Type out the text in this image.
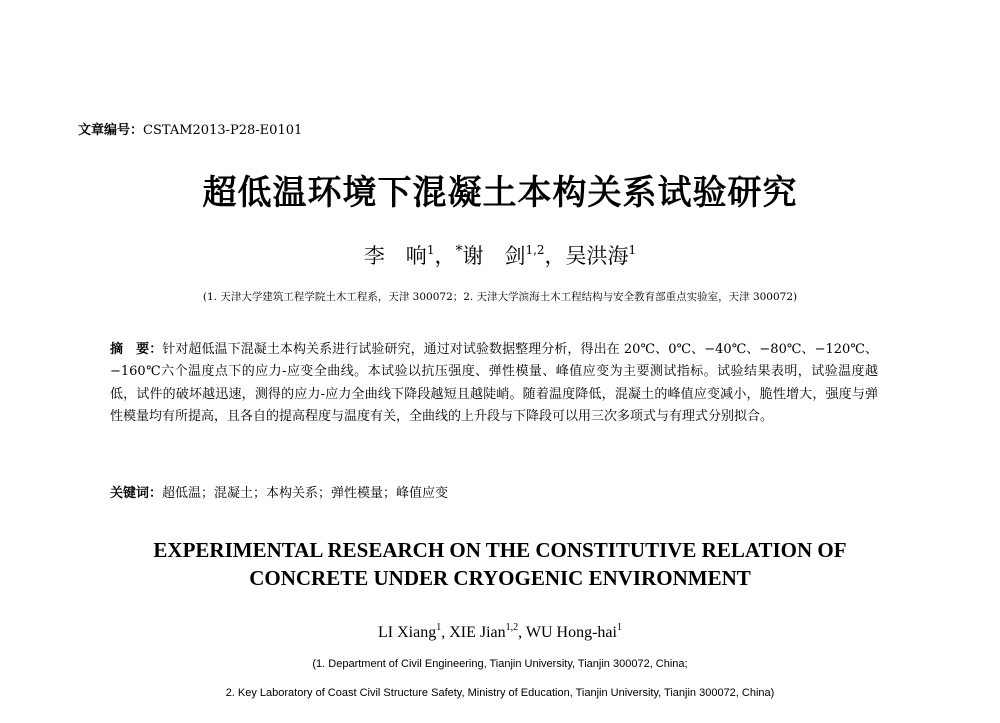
文章编号：CSTAM2013-P28-E0101
超低温环境下混凝土本构关系试验研究
李　响$^1$，*谢　剑$^{1,2}$，吴洪海$^1$
(1. 天津大学建筑工程学院土木工程系，天津 300072；2. 天津大学滨海土木工程结构与安全教育部重点实验室，天津 300072)
摘　要：针对超低温下混凝土本构关系进行试验研究，通过对试验数据整理分析，得出在 20℃、0℃、−40℃、−80℃、−120℃、−160℃六个温度点下的应力-应变全曲线。本试验以抗压强度、弹性模量、峰值应变为主要测试指标。试验结果表明，试验温度越低，试件的破坏越迅速，测得的应力-应力全曲线下降段越短且越陡峭。随着温度降低，混凝土的峰值应变减小，脆性增大，强度与弹性模量均有所提高，且各自的提高程度与温度有关，全曲线的上升段与下降段可以用三次多项式与有理式分别拟合。
关键词：超低温；混凝土；本构关系；弹性模量；峰值应变
EXPERIMENTAL RESEARCH ON THE CONSTITUTIVE RELATION OF
CONCRETE UNDER CRYOGENIC ENVIRONMENT
LI Xiang$^1$, XIE Jian$^{1,2}$, WU Hong-hai$^1$
(1. Department of Civil Engineering, Tianjin University, Tianjin 300072, China;
2. Key Laboratory of Coast Civil Structure Safety, Ministry of Education, Tianjin University, Tianjin 300072, China)
